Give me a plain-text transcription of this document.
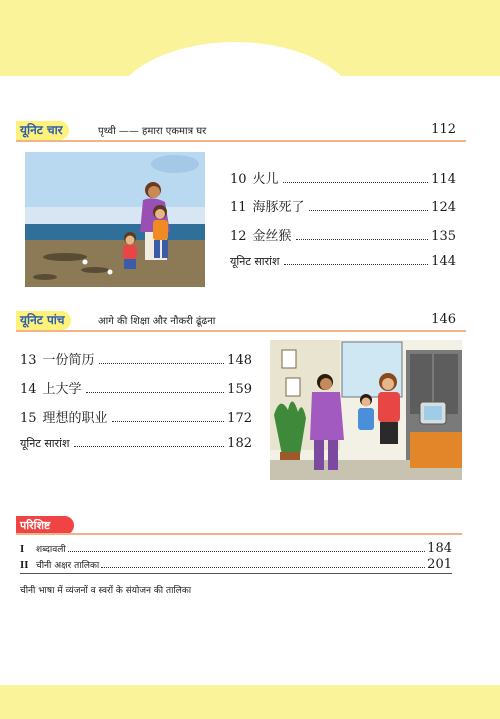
यूनिट चार	पृथ्वी —— हमारा एकमात्र घर	112
10 火儿	114
11 海豚死了	124
12 金丝猴	135
यूनिट सारांश	144
यूनिट पांच	आगे की शिक्षा और नौकरी ढूंढना	146
13 一份简历	148
14 上大学	159
15 理想的职业	172
यूनिट सारांश	182
परिशिष्ट
I	शब्दावली	184
II चीनी अक्षर तालिका	201
चीनी भाषा में व्यंजनों व स्वरों के संयोजन की तालिका
